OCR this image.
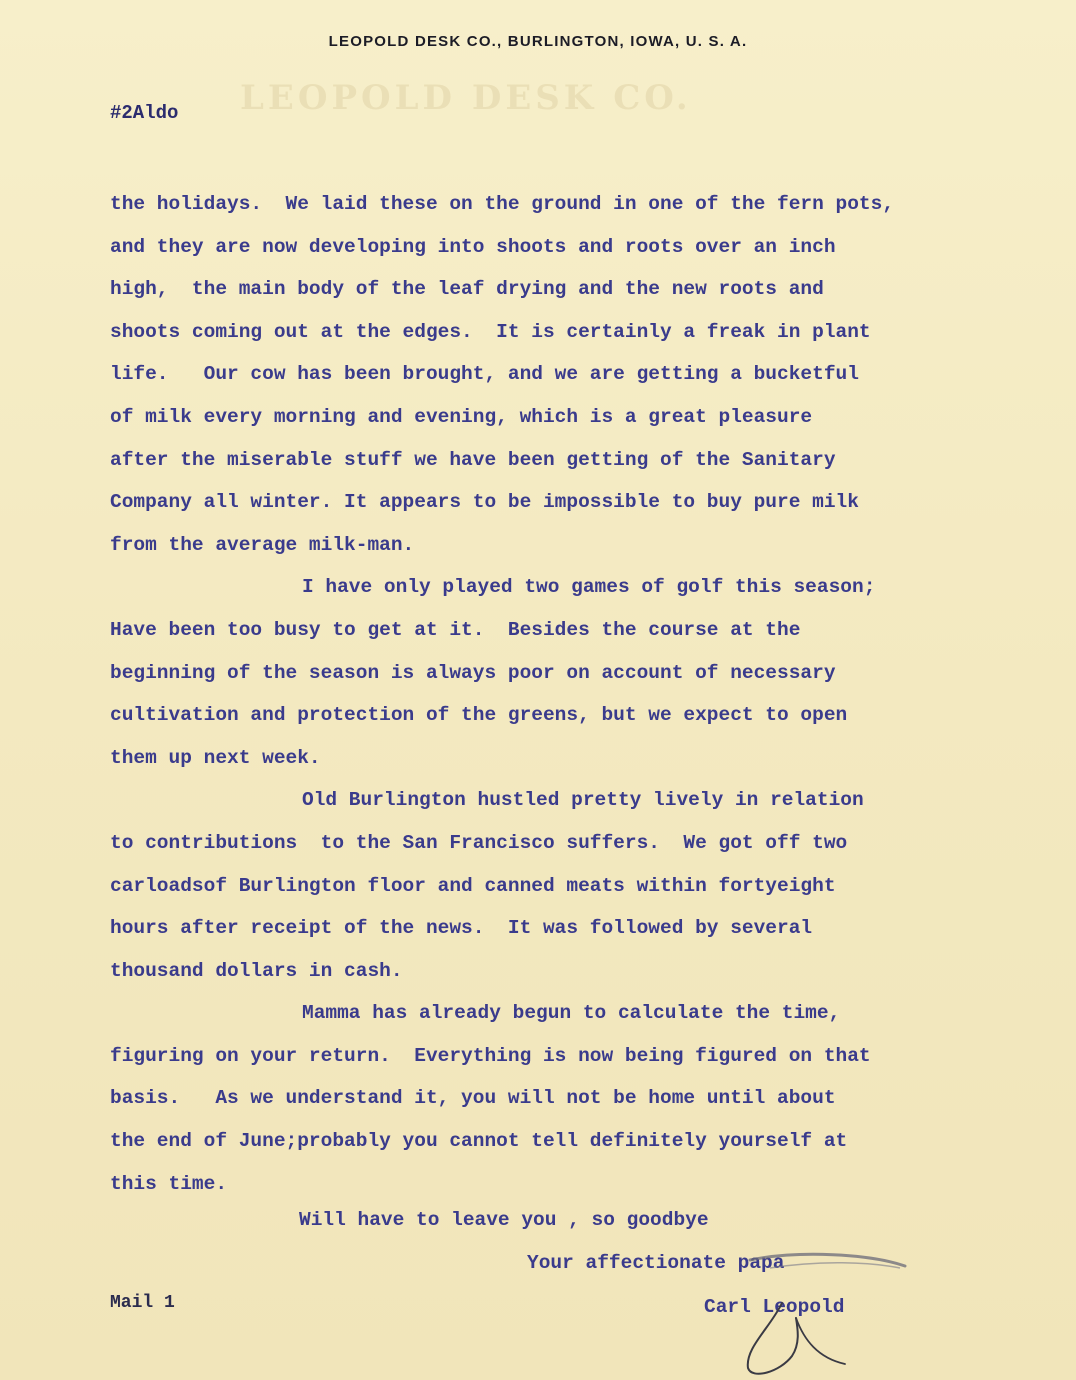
LEOPOLD DESK CO.
LEOPOLD DESK CO., BURLINGTON, IOWA, U. S. A.
#2Aldo
the holidays.  We laid these on the ground in one of the fern pots,
and they are now developing into shoots and roots over an inch
high,  the main body of the leaf drying and the new roots and
shoots coming out at the edges.  It is certainly a freak in plant
life.   Our cow has been brought, and we are getting a bucketful
of milk every morning and evening, which is a great pleasure
after the miserable stuff we have been getting of the Sanitary
Company all winter. It appears to be impossible to buy pure milk
from the average milk-man.
I have only played two games of golf this season;
Have been too busy to get at it.  Besides the course at the
beginning of the season is always poor on account of necessary
cultivation and protection of the greens, but we expect to open
them up next week.
Old Burlington hustled pretty lively in relation
to contributions  to the San Francisco suffers.  We got off two
carloadsof Burlington floor and canned meats within fortyeight
hours after receipt of the news.  It was followed by several
thousand dollars in cash.
Mamma has already begun to calculate the time,
figuring on your return.  Everything is now being figured on that
basis.   As we understand it, you will not be home until about
the end of June;probably you cannot tell definitely yourself at
this time.
Will have to leave you , so goodbye
Your affectionate papa
Carl Leopold
Mail 1
